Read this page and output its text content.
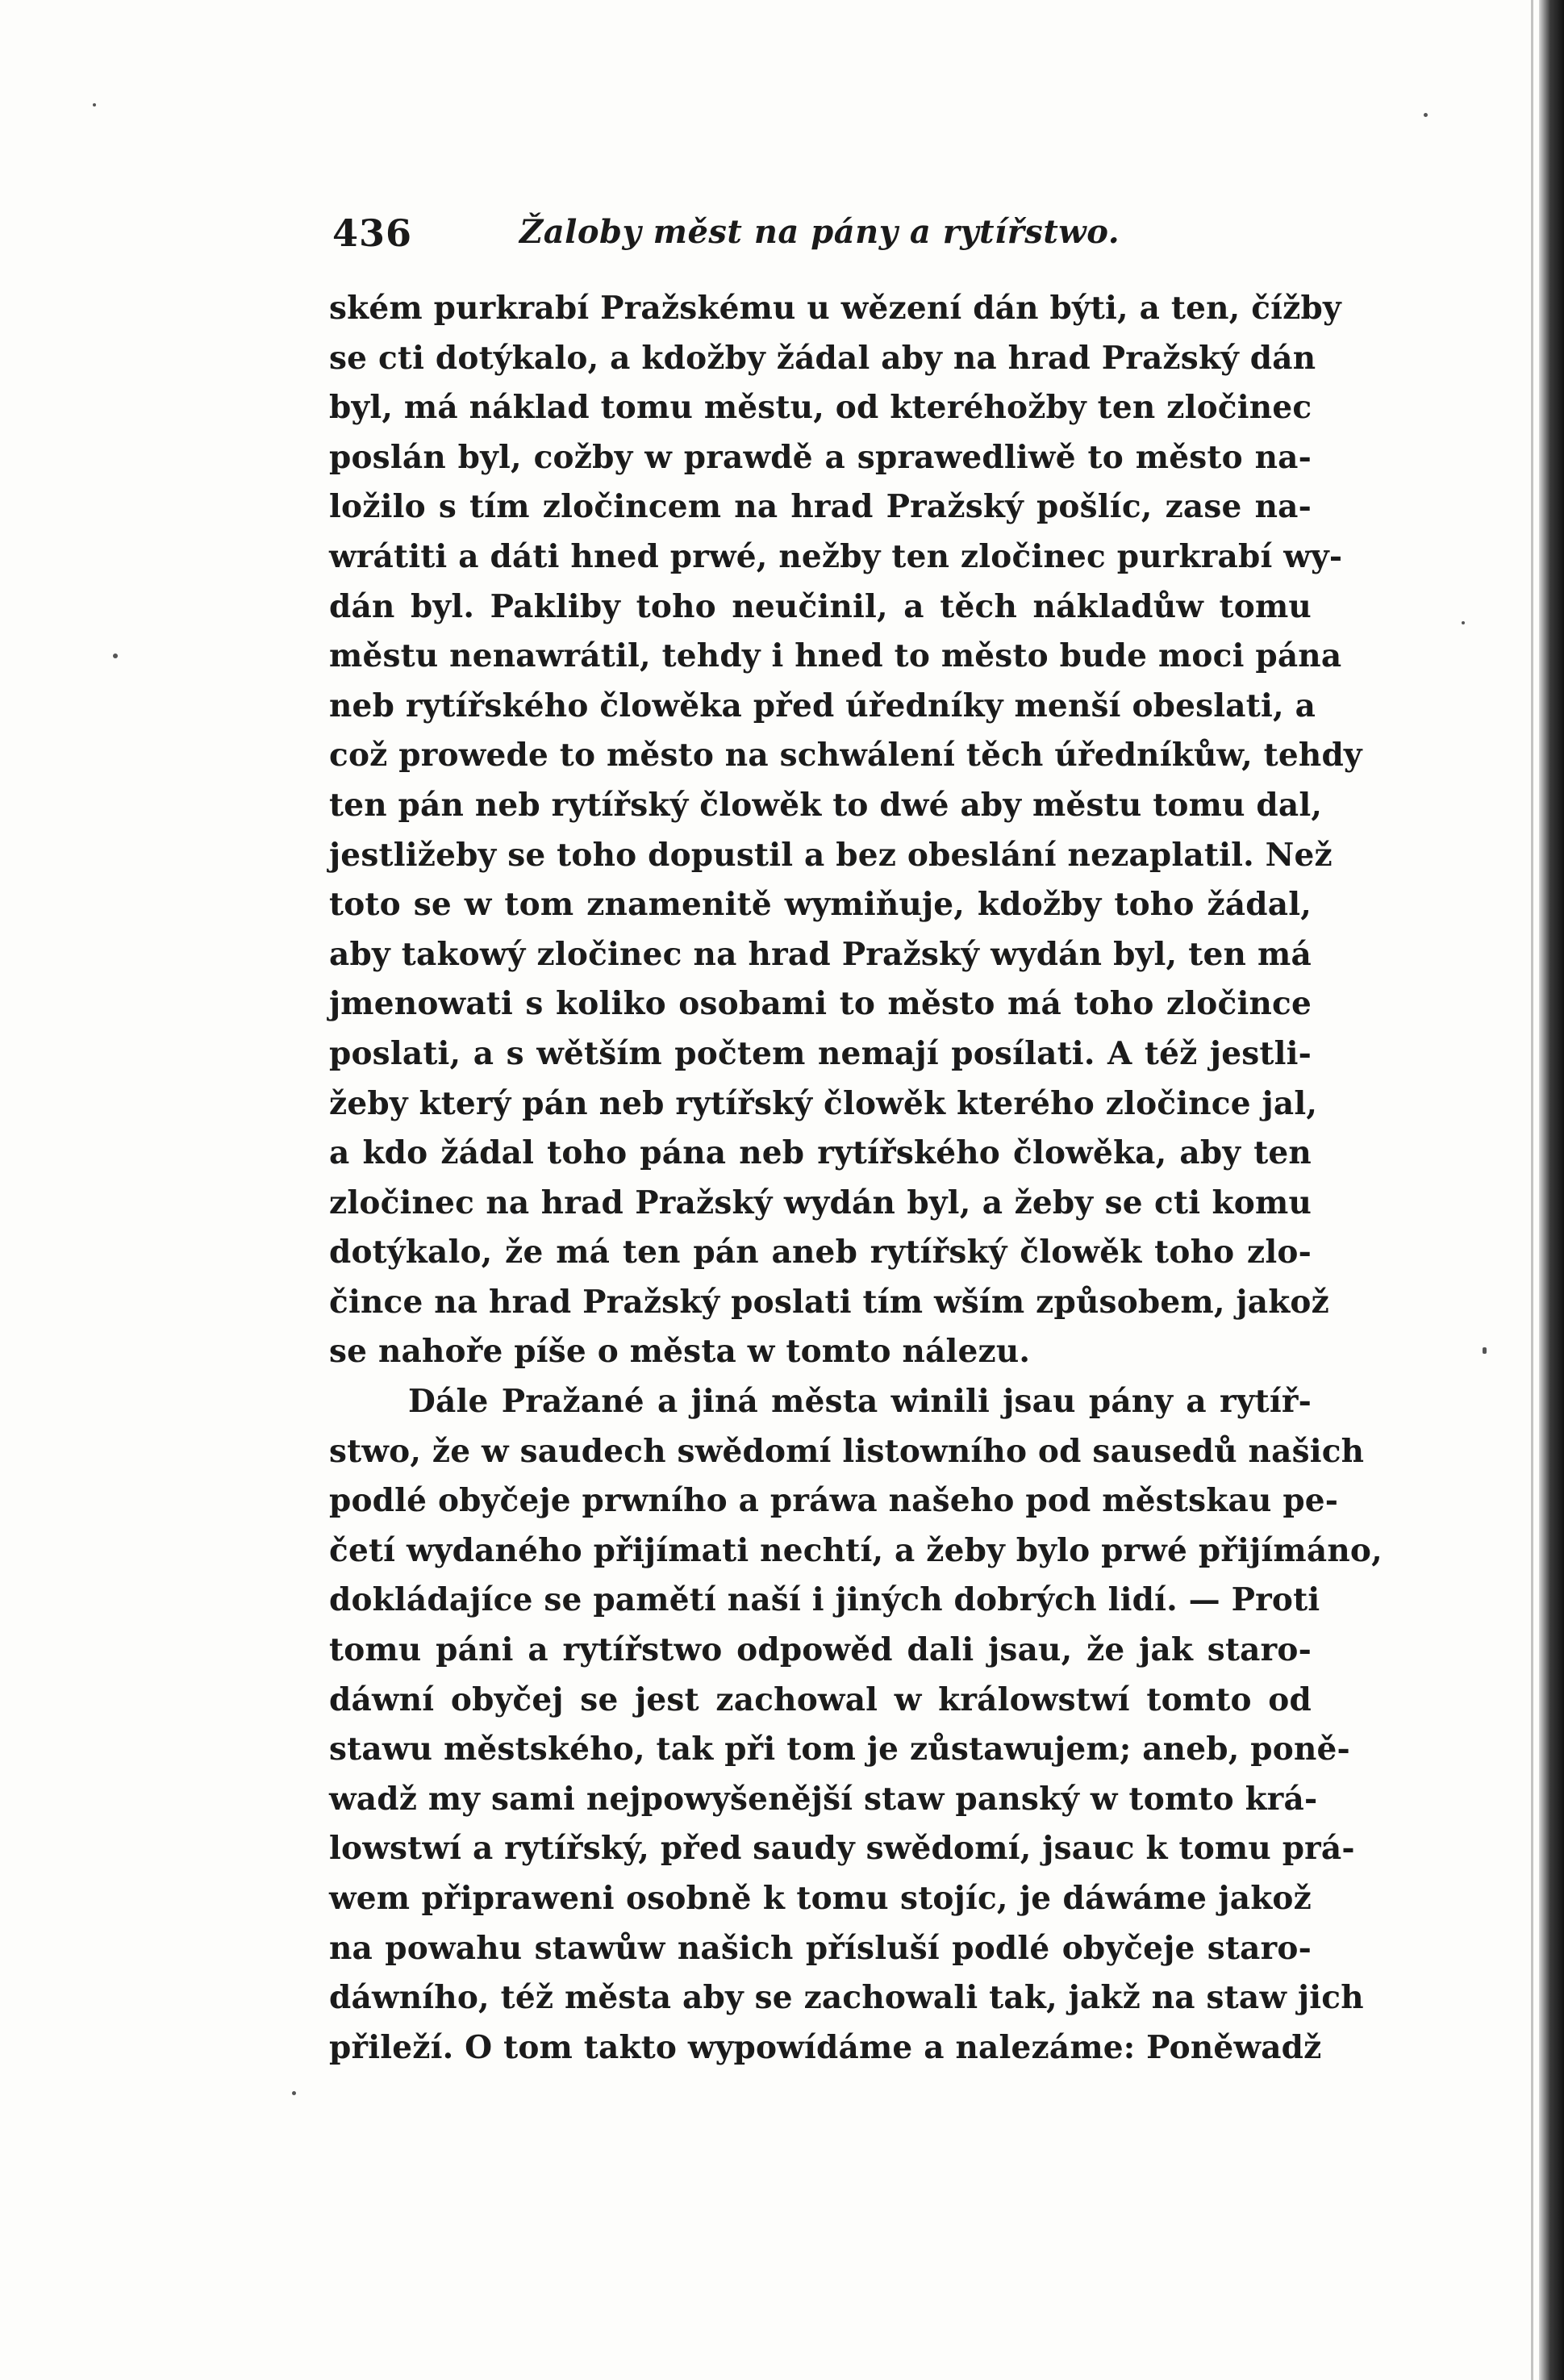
436	Žaloby měst na pány a rytířstwo.
ském purkrabí Pražskému u wězení dán býti, a ten, čížby
se cti dotýkalo, a kdožby žádal aby na hrad Pražský dán
byl, má náklad tomu městu, od kteréhožby ten zločinec
poslán byl, cožby w prawdě a sprawedliwě to město na-
ložilo s tím zločincem na hrad Pražský pošlíc, zase na-
wrátiti a dáti hned prwé, nežby ten zločinec purkrabí wy-
dán byl. Pakliby toho neučinil, a těch nákladůw tomu
městu nenawrátil, tehdy i hned to město bude moci pána
neb rytířského člowěka před úředníky menší obeslati, a
což prowede to město na schwálení těch úředníkůw, tehdy
ten pán neb rytířský člowěk to dwé aby městu tomu dal,
jestližeby se toho dopustil a bez obeslání nezaplatil. Než
toto se w tom znamenitě wymiňuje, kdožby toho žádal,
aby takowý zločinec na hrad Pražský wydán byl, ten má
jmenowati s koliko osobami to město má toho zločince
poslati, a s wětším počtem nemají posílati. A též jestli-
žeby který pán neb rytířský člowěk kterého zločince jal,
a kdo žádal toho pána neb rytířského člowěka, aby ten
zločinec na hrad Pražský wydán byl, a žeby se cti komu
dotýkalo, že má ten pán aneb rytířský člowěk toho zlo-
čince na hrad Pražský poslati tím wším způsobem, jakož
se nahoře píše o města w tomto nálezu.
Dále Pražané a jiná města winili jsau pány a rytíř-
stwo, že w saudech swědomí listowního od sausedů našich
podlé obyčeje prwního a práwa našeho pod městskau pe-
četí wydaného přijímati nechtí, a žeby bylo prwé přijímáno,
dokládajíce se pamětí naší i jiných dobrých lidí. — Proti
tomu páni a rytířstwo odpowěd dali jsau, že jak staro-
dáwní obyčej se jest zachowal w králowstwí tomto od
stawu městského, tak při tom je zůstawujem; aneb, poně-
wadž my sami nejpowyšenější staw panský w tomto krá-
lowstwí a rytířský, před saudy swědomí, jsauc k tomu prá-
wem připraweni osobně k tomu stojíc, je dáwáme jakož
na powahu stawůw našich přísluší podlé obyčeje staro-
dáwního, též města aby se zachowali tak, jakž na staw jich
přileží. O tom takto wypowídáme a nalezáme: Poněwadž
